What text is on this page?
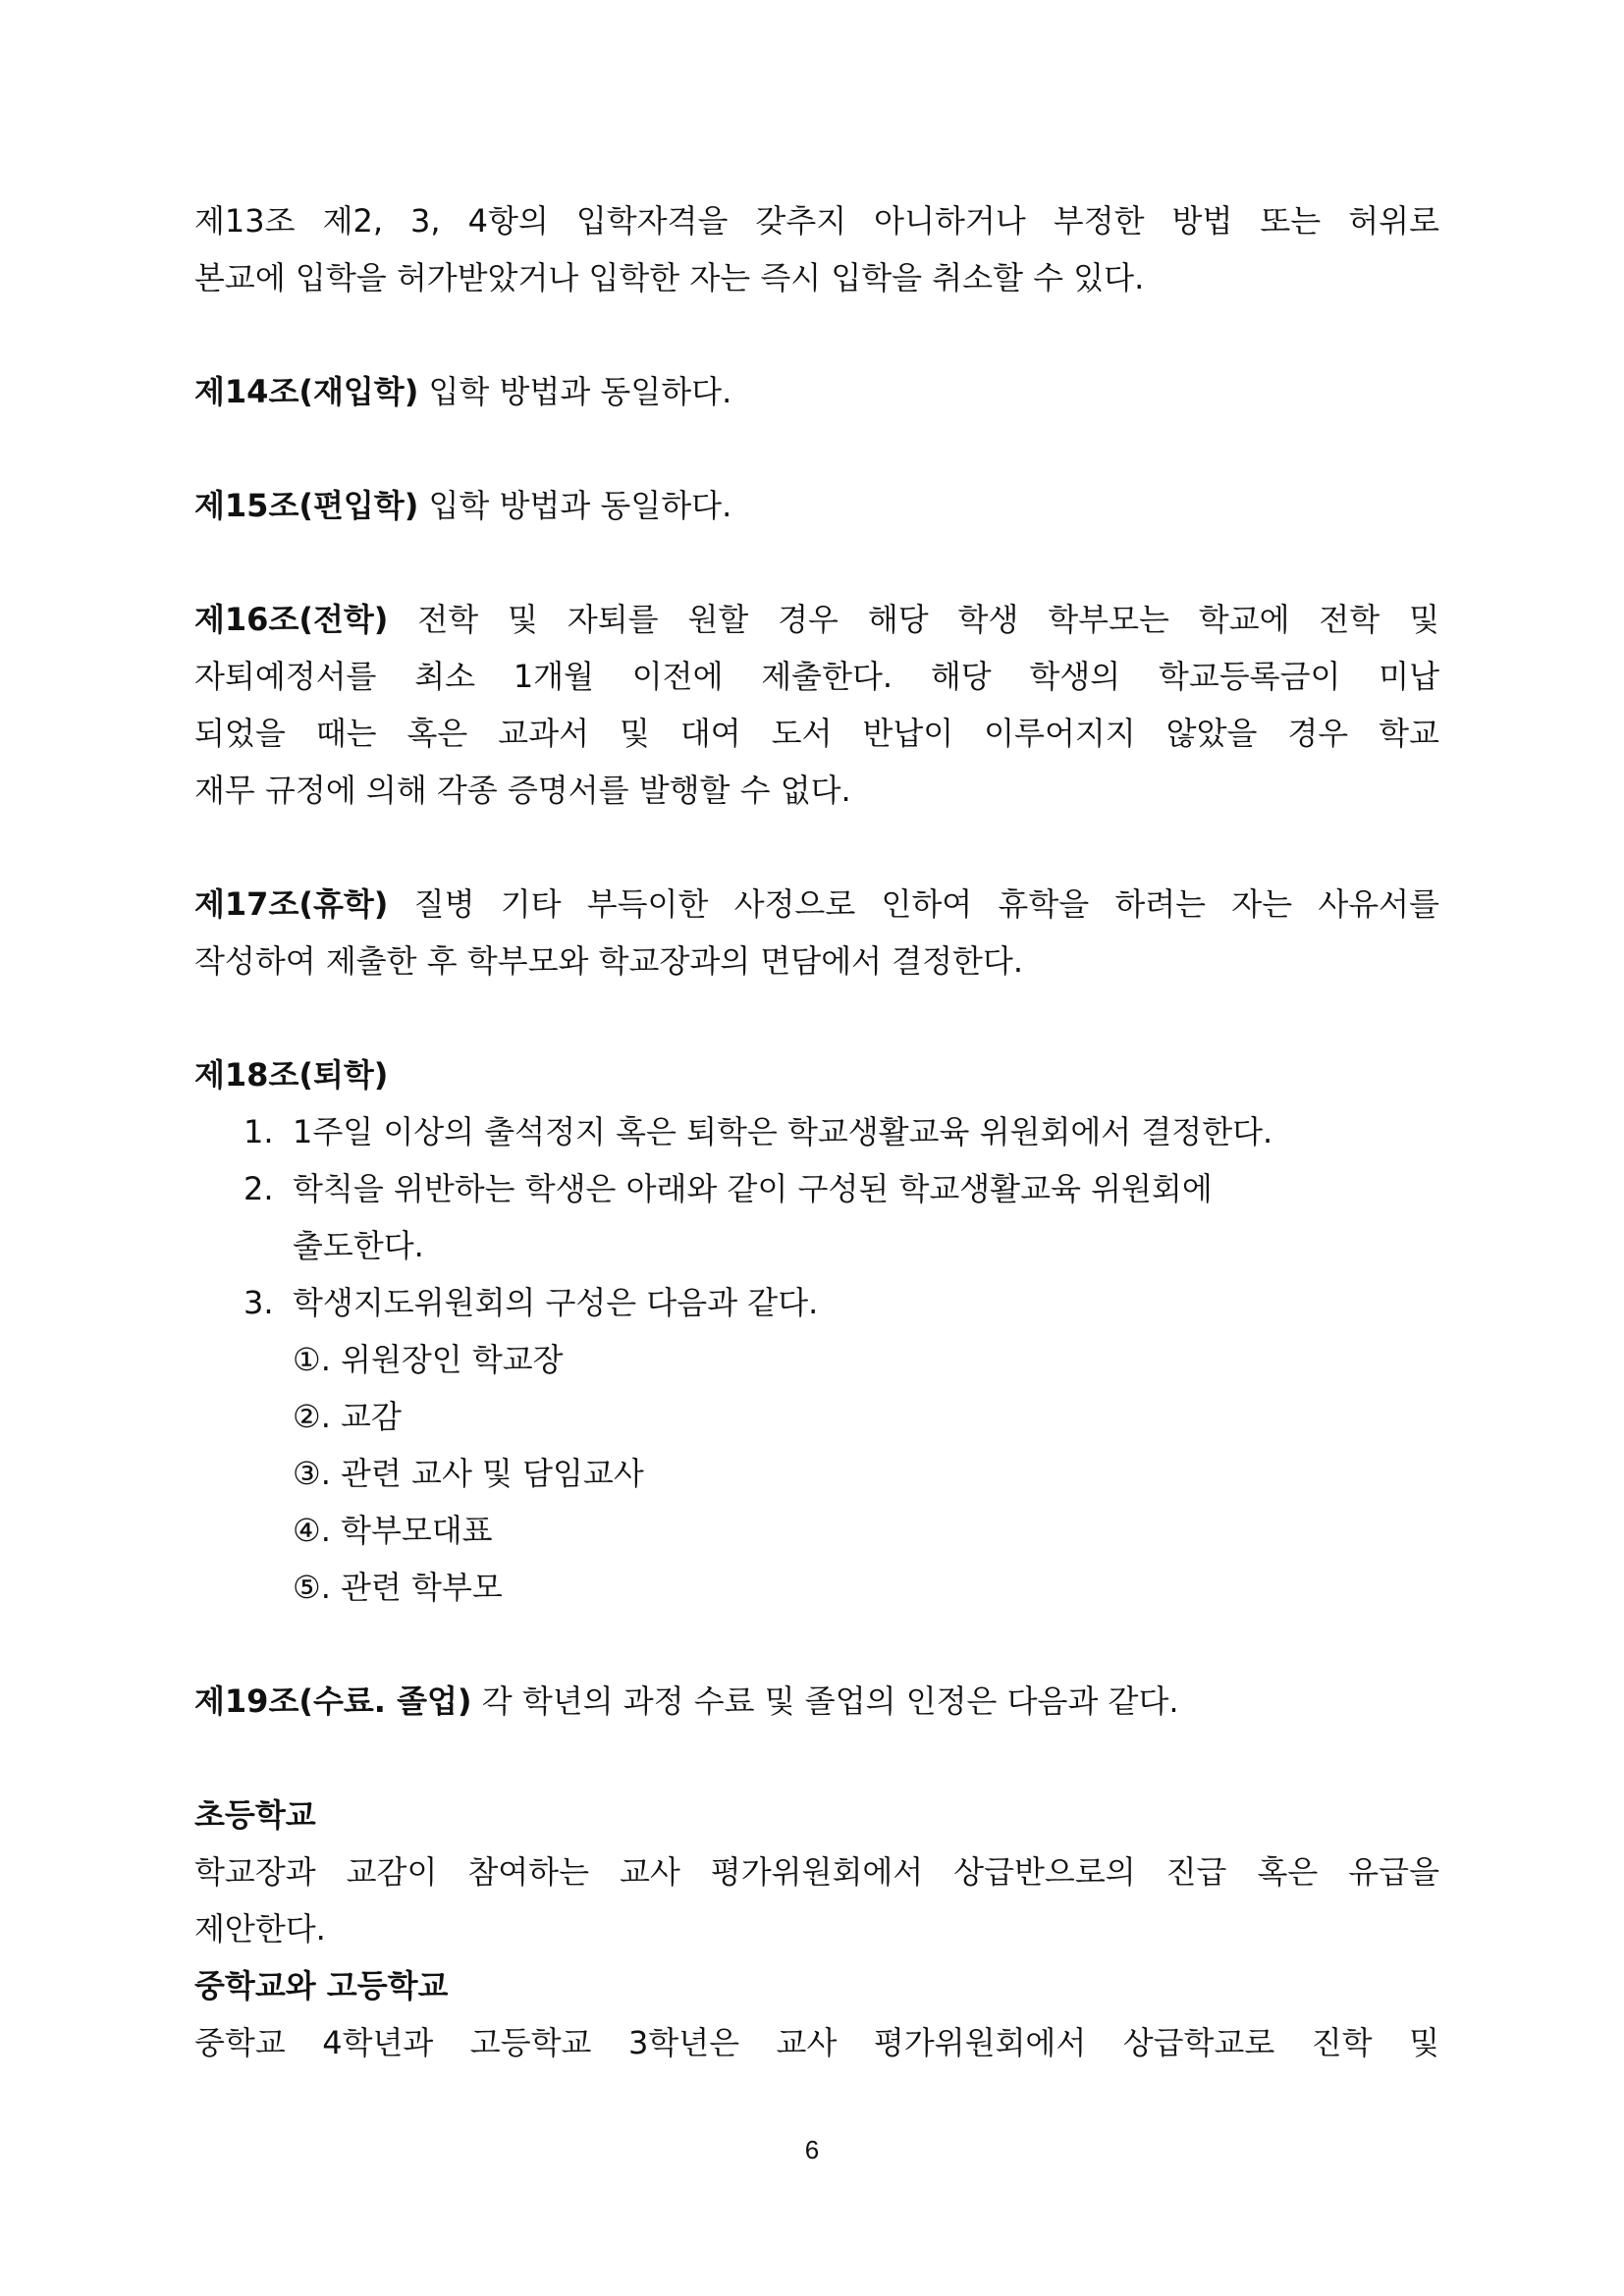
제13조 제2, 3, 4항의 입학자격을 갖추지 아니하거나 부정한 방법 또는 허위로
본교에 입학을 허가받았거나 입학한 자는 즉시 입학을 취소할 수 있다.
제14조(재입학) 입학 방법과 동일하다.
제15조(편입학) 입학 방법과 동일하다.
제16조(전학) 전학 및 자퇴를 원할 경우 해당 학생 학부모는 학교에 전학 및
자퇴예정서를 최소 1개월 이전에 제출한다. 해당 학생의 학교등록금이 미납
되었을 때는 혹은 교과서 및 대여 도서 반납이 이루어지지 않았을 경우 학교
재무 규정에 의해 각종 증명서를 발행할 수 없다.
제17조(휴학) 질병 기타 부득이한 사정으로 인하여 휴학을 하려는 자는 사유서를
작성하여 제출한 후 학부모와 학교장과의 면담에서 결정한다.
제18조(퇴학)
1. 1주일 이상의 출석정지 혹은 퇴학은 학교생활교육 위원회에서 결정한다.
2. 학칙을 위반하는 학생은 아래와 같이 구성된 학교생활교육 위원회에
출도한다.
3. 학생지도위원회의 구성은 다음과 같다.
①. 위원장인 학교장
②. 교감
③. 관련 교사 및 담임교사
④. 학부모대표
⑤. 관련 학부모
제19조(수료. 졸업) 각 학년의 과정 수료 및 졸업의 인정은 다음과 같다.
초등학교
학교장과 교감이 참여하는 교사 평가위원회에서 상급반으로의 진급 혹은 유급을
제안한다.
중학교와 고등학교
중학교 4학년과 고등학교 3학년은 교사 평가위원회에서 상급학교로 진학 및
6
